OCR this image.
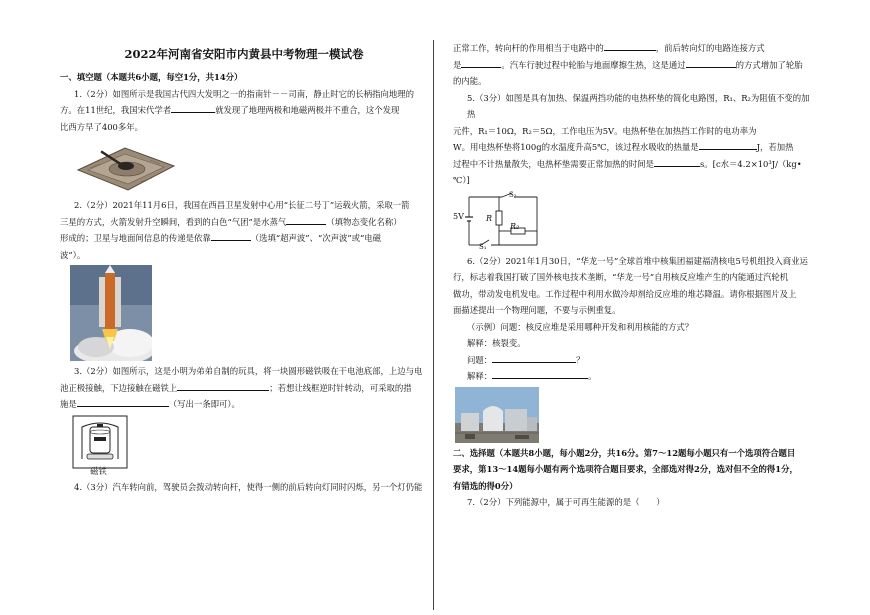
2022年河南省安阳市内黄县中考物理一模试卷
一、填空题（本题共6小题，每空1分，共14分）
1.（2分）如图所示是我国古代四大发明之一的指南针－－司南，静止时它的长柄指向地理的
方。在11世纪，我国宋代学者	就发现了地理两极和地磁两极并不重合，这个发现
比西方早了400多年。
2.（2分）2021年11月6日，我国在西昌卫星发射中心用“长征二号丁”运载火箭，采取一箭
三星的方式，火箭发射升空瞬间，看到的白色“气团”是水蒸气	（填物态变化名称）
形成的；卫星与地面间信息的传递是依靠	（选填“超声波”、“次声波”或“电磁
波”）。
3.（2分）如图所示，这是小明为弟弟自制的玩具，将一块圆形磁铁吸在干电池底部，上边与电
池正极接触，下边接触在磁铁上	；若想让线框逆时针转动，可采取的措
施是	（写出一条即可）。
磁铁
4.（3分）汽车转向前，驾驶员会拨动转向杆，使得一侧的前后转向灯同时闪烁，另一个灯仍能
正常工作，转向杆的作用相当于电路中的	，前后转向灯的电路连接方式
是	。汽车行驶过程中轮胎与地面摩擦生热，这是通过	的方式增加了轮胎
的内能。
5.（3分）如图是具有加热、保温两挡功能的电热杯垫的简化电路图，R₁、R₂为阻值不变的加热
元件，R₁＝10Ω，R₂＝5Ω，工作电压为5V。电热杯垫在加热挡工作时的电功率为
W。用电热杯垫将100g的水温度升高5℃，该过程水吸收的热量是	J，若加热
过程中不计热量散失，电热杯垫需要正常加热的时间是	s。[c水＝4.2×10³J/（kg•
℃）]
5V	R
R₂
S₂
S₁
6.（2分）2021年1月30日，“华龙一号”全球首堆中核集团福建福清核电5号机组投入商业运
行，标志着我国打破了国外核电技术垄断，“华龙一号”自用核反应堆产生的内能通过汽轮机
做功，带动发电机发电。工作过程中利用水做冷却剂给反应堆的堆芯降温。请你根据图片及上
面描述提出一个物理问题，不要与示例重复。
（示例）问题：核反应堆是采用哪种开发和利用核能的方式？
解释：核裂变。
问题：	？
解释：	。
二、选择题（本题共8小题，每小题2分，共16分。第7～12题每小题只有一个选项符合题目
要求，第13～14题每小题有两个选项符合题目要求，全部选对得2分，选对但不全的得1分，
有错选的得0分）
7.（2分）下列能源中，属于可再生能源的是（　　）
